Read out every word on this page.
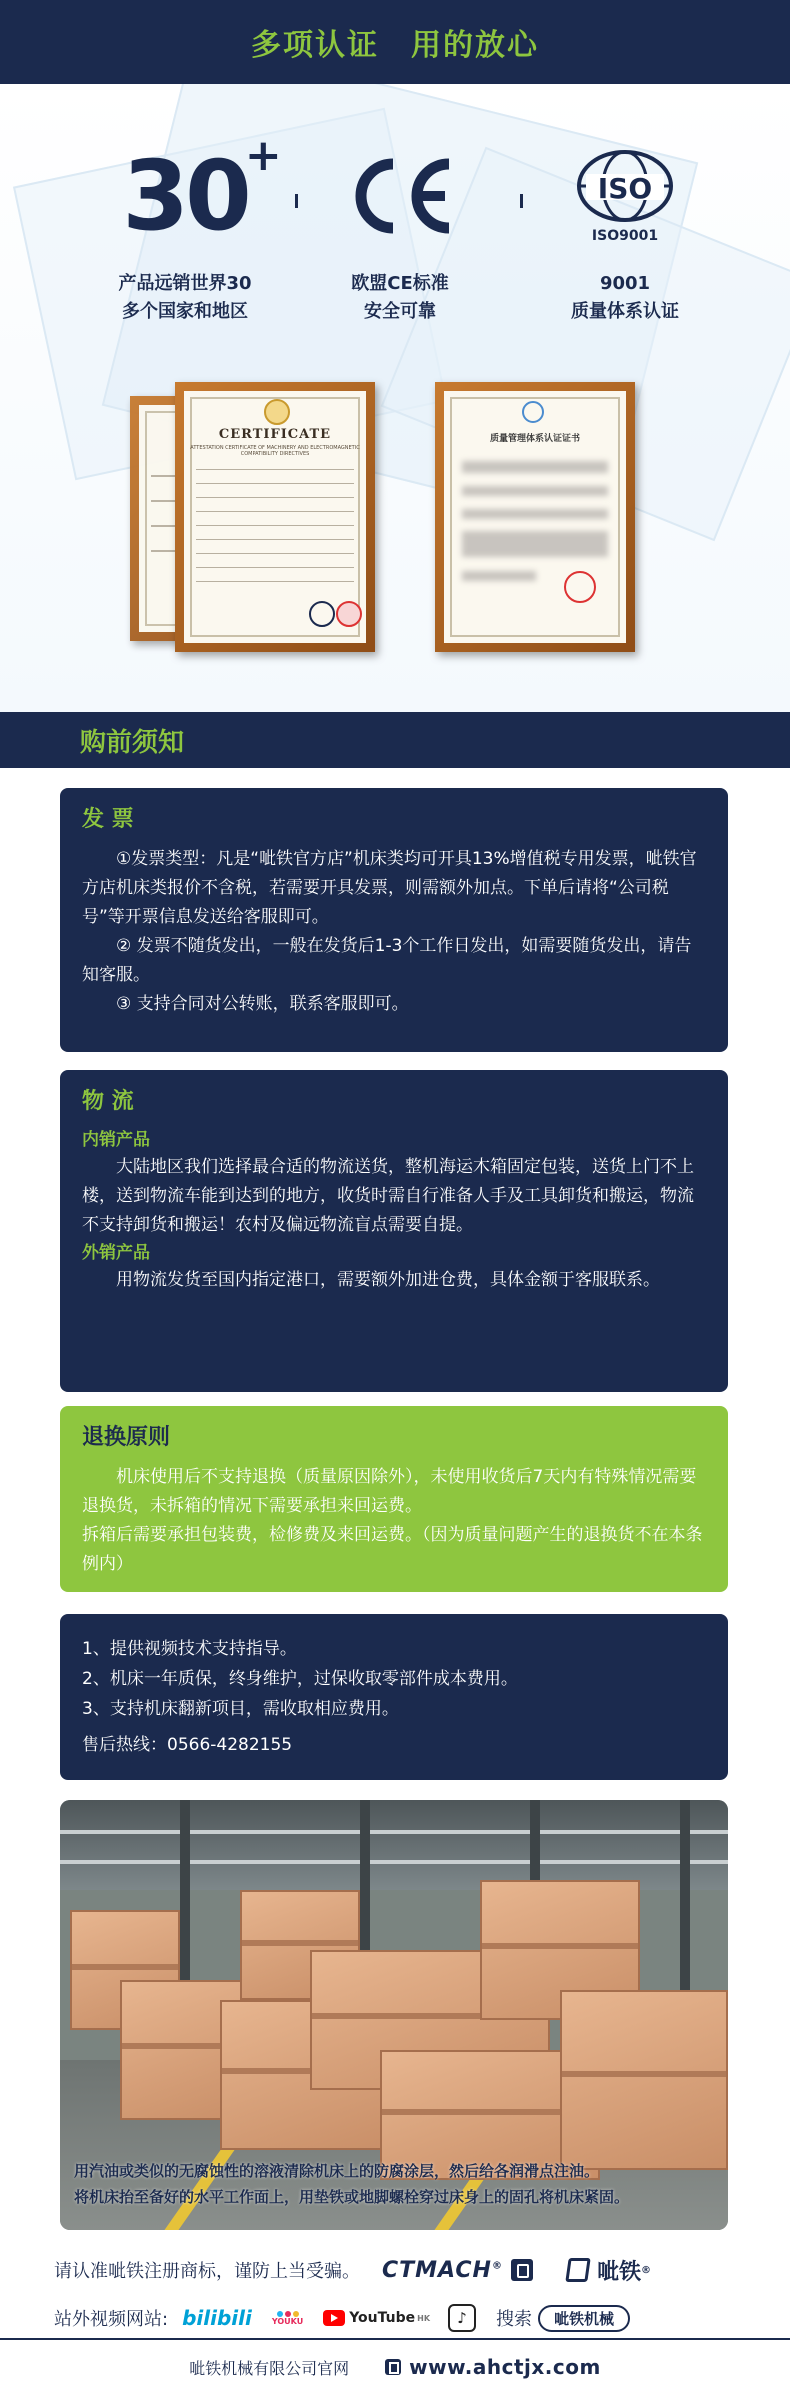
多项认证　用的放心
30
+
产品远销世界30
多个国家和地区
欧盟CE标准
安全可靠
ISO
ISO9001
9001
质量体系认证
CERTIFICATE
ATTESTATION CERTIFICATE OF MACHINERY AND ELECTROMAGNETIC COMPATIBILITY DIRECTIVES
质量管理体系认证证书
购前须知
发 票

①发票类型：凡是“呲铁官方店”机床类均可开具13%增值税专用发票，呲铁官方店机床类报价不含税，若需要开具发票，则需额外加点。下单后请将“公司税号”等开票信息发送给客服即可。

② 发票不随货发出，一般在发货后1-3个工作日发出，如需要随货发出，请告知客服。

③ 支持合同对公转账，联系客服即可。

物 流
内销产品

大陆地区我们选择最合适的物流送货，整机海运木箱固定包装，送货上门不上楼，送到物流车能到达到的地方，收货时需自行准备人手及工具卸货和搬运，物流不支持卸货和搬运！农村及偏远物流盲点需要自提。

外销产品

用物流发货至国内指定港口，需要额外加进仓费，具体金额于客服联系。

退换原则

机床使用后不支持退换（质量原因除外），未使用收货后7天内有特殊情况需要退换货，未拆箱的情况下需要承担来回运费。

拆箱后需要承担包装费，检修费及来回运费。（因为质量问题产生的退换货不在本条例内）

1、提供视频技术支持指导。

2、机床一年质保，终身维护，过保收取零部件成本费用。

3、支持机床翻新项目，需收取相应费用。

售后热线：0566-4282155

用汽油或类似的无腐蚀性的溶液清除机床上的防腐涂层，然后给各润滑点注油。
将机床抬至备好的水平工作面上，用垫铁或地脚螺栓穿过床身上的固孔将机床紧固。
请认准呲铁注册商标，谨防上当受骗。 CTMACH®	呲铁 ®
站外视频网站: bilibili	YOUKU	YouTube HK	♪	搜索	呲铁机械
呲铁机械有限公司官网	www.ahctjx.com
